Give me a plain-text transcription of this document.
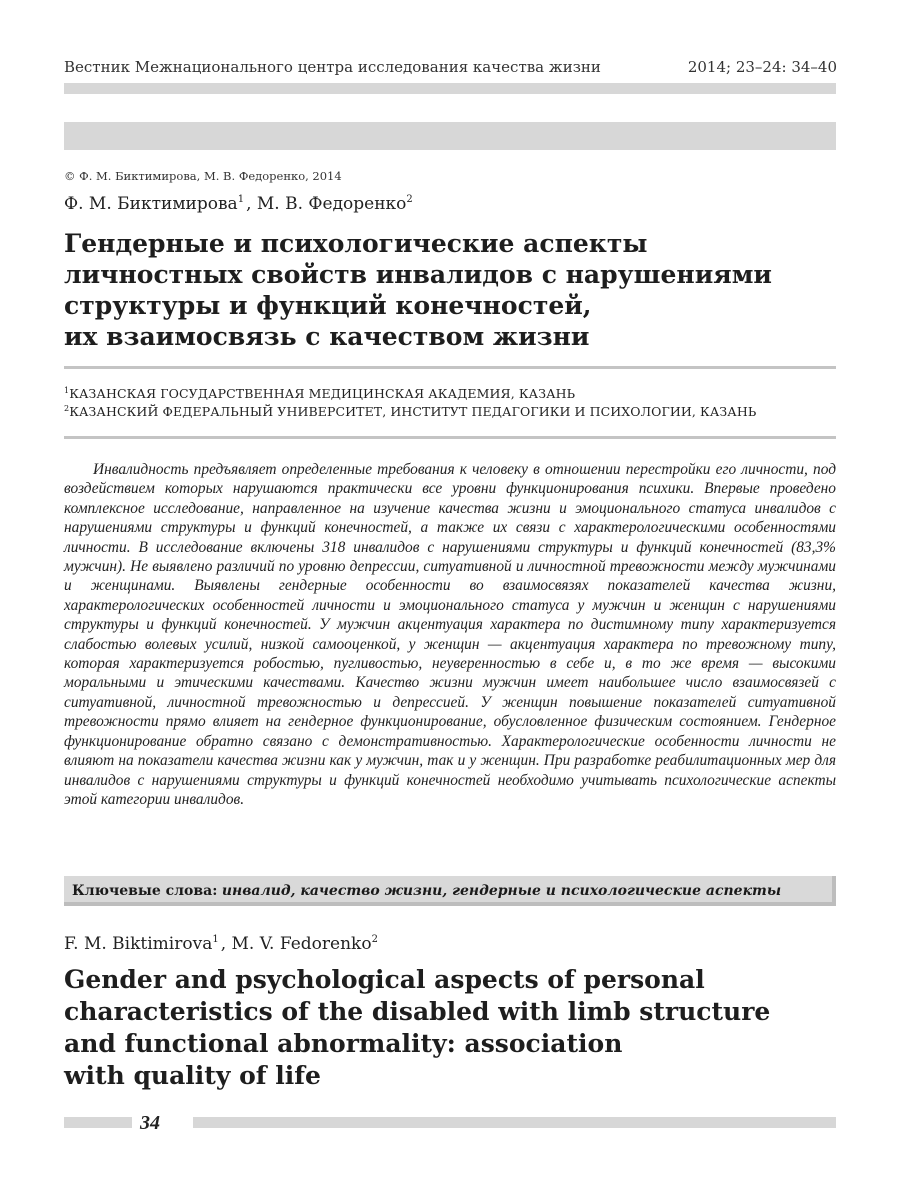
Вестник Межнационального центра исследования качества жизни	2014; 23–24: 34–40
© Ф. М. Биктимирова, М. В. Федоренко, 2014
Ф. М. Биктимирова$^1$ , М. В. Федоренко$^2$
Гендерные и психологические аспекты
личностных свойств инвалидов с нарушениями
структуры и функций конечностей,
их взаимосвязь с качеством жизни
$^1$КАЗАНСКАЯ ГОСУДАРСТВЕННАЯ МЕДИЦИНСКАЯ АКАДЕМИЯ, КАЗАНЬ
$^2$КАЗАНСКИЙ ФЕДЕРАЛЬНЫЙ УНИВЕРСИТЕТ, ИНСТИТУТ ПЕДАГОГИКИ И ПСИХОЛОГИИ, КАЗАНЬ

Инвалидность предъявляет определенные требования к человеку в отношении перестройки его личности, под воздействием которых нарушаются практически все уровни функционирования психики. Впервые проведено комплексное исследование, направленное на изучение качества жизни и эмоционального статуса инвалидов с нарушениями структуры и функций конечностей, а также их связи с характерологическими особенностями личности. В исследование включены 318 инвалидов с нарушениями структуры и функций конечностей (83,3% мужчин). Не выявлено различий по уровню депрессии, ситуативной и личностной тревожности между мужчинами и женщинами. Выявлены гендерные особенности во взаимосвязях показателей качества жизни, характерологических особенностей личности и эмоционального статуса у мужчин и женщин с нарушениями структуры и функций конечностей. У мужчин акцентуация характера по дистимному типу характеризуется слабостью волевых усилий, низкой самооценкой, у женщин — акцентуация характера по тревожному типу, которая характеризуется робостью, пугливостью, неуверенностью в себе и, в то же время — высокими моральными и этическими качествами. Качество жизни мужчин имеет наибольшее число взаимосвязей с ситуативной, личностной тревожностью и депрессией. У женщин повышение показателей ситуативной тревожности прямо влияет на гендерное функционирование, обусловленное физическим состоянием. Гендерное функционирование обратно связано с демонстративностью. Характерологические особенности личности не влияют на показатели качества жизни как у мужчин, так и у женщин. При разработке реабилитационных мер для инвалидов с нарушениями структуры и функций конечностей необходимо учитывать психологические аспекты этой категории инвалидов.

Ключевые слова: инвалид, качество жизни, гендерные и психологические аспекты
F. M. Biktimirova$^1$ , M. V. Fedorenko$^2$
Gender and psychological aspects of personal
characteristics of the disabled with limb structure
and functional abnormality: association
with quality of life
34
